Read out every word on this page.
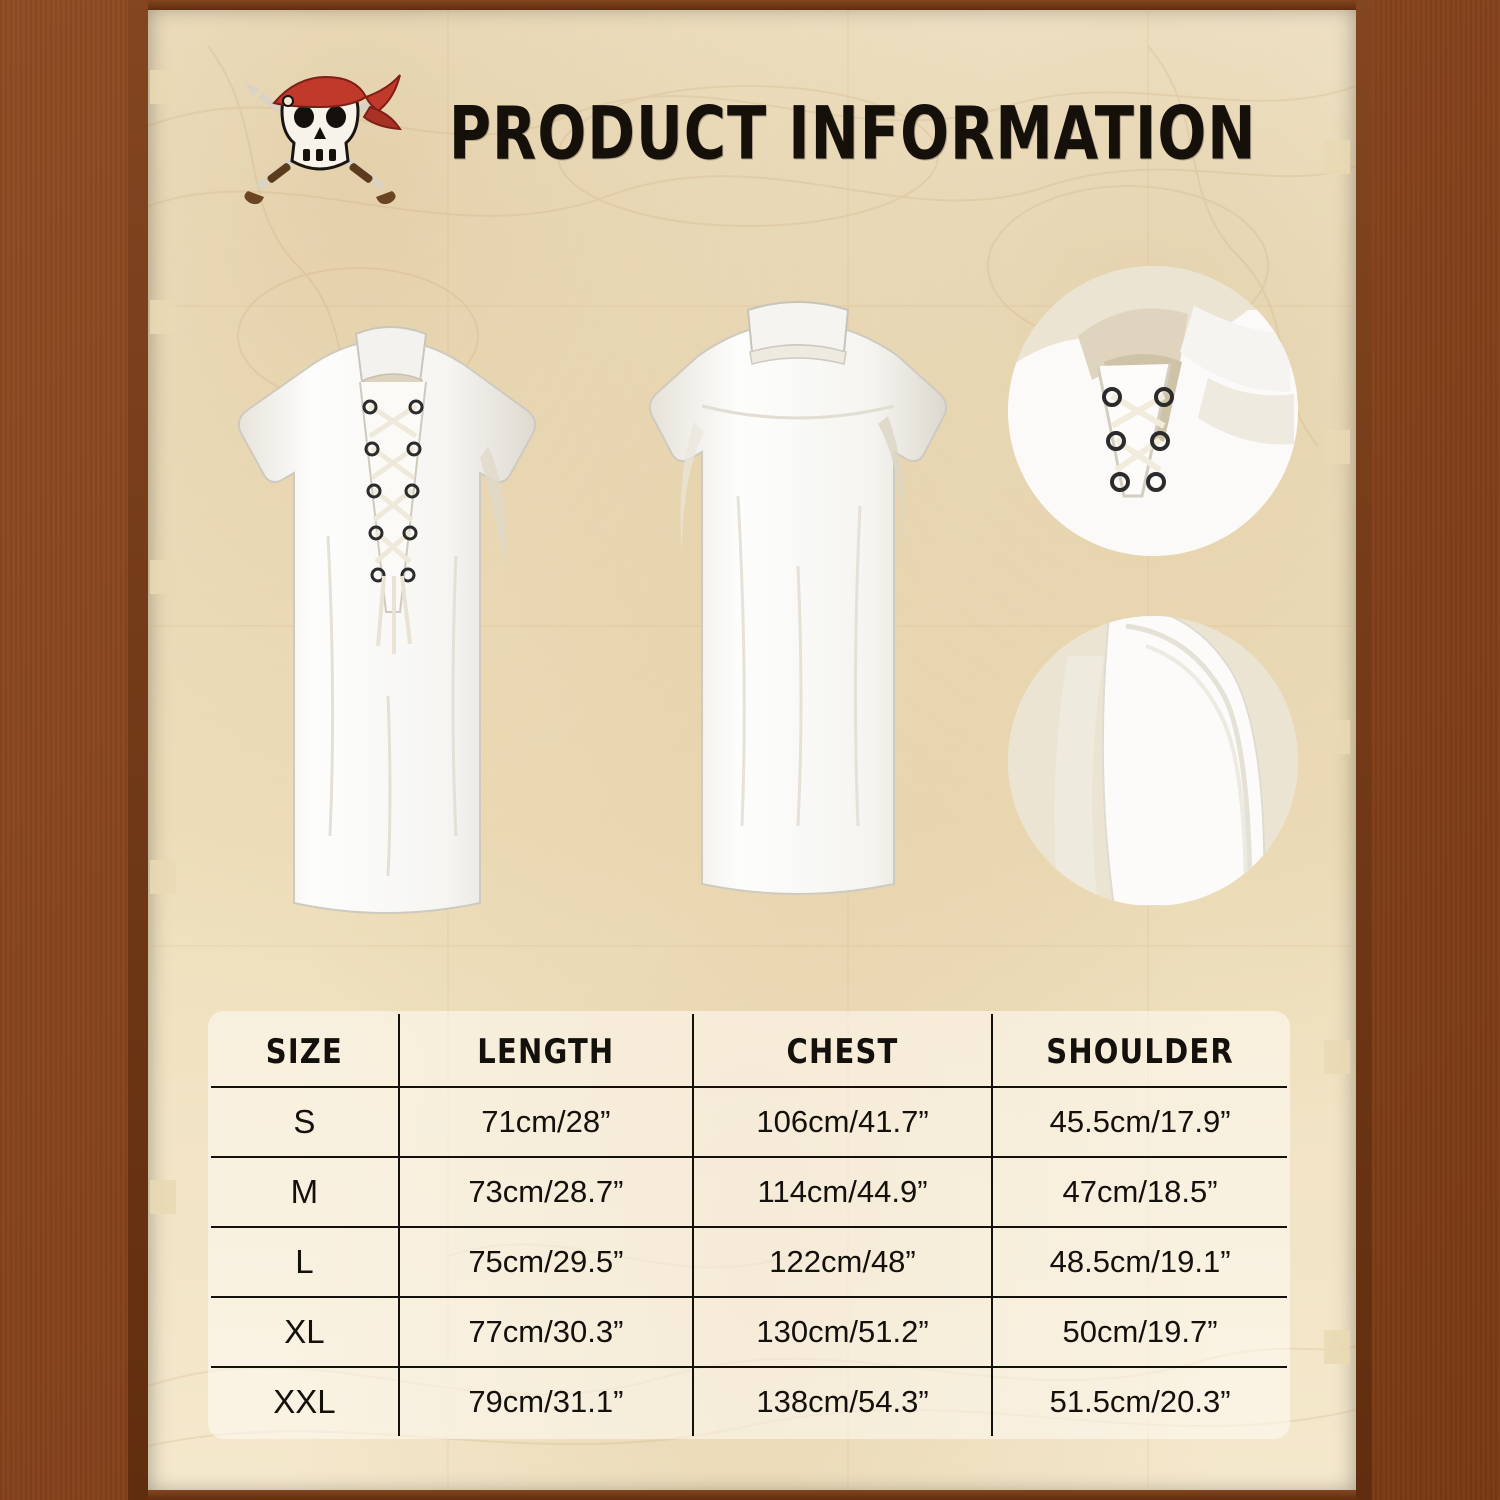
PRODUCT INFORMATION
SIZE	LENGTH	CHEST	SHOULDER
S	71cm/28”	106cm/41.7”	45.5cm/17.9”
M	73cm/28.7”	114cm/44.9”	47cm/18.5”
L	75cm/29.5”	122cm/48”	48.5cm/19.1”
XL	77cm/30.3”	130cm/51.2”	50cm/19.7”
XXL	79cm/31.1”	138cm/54.3”	51.5cm/20.3”
